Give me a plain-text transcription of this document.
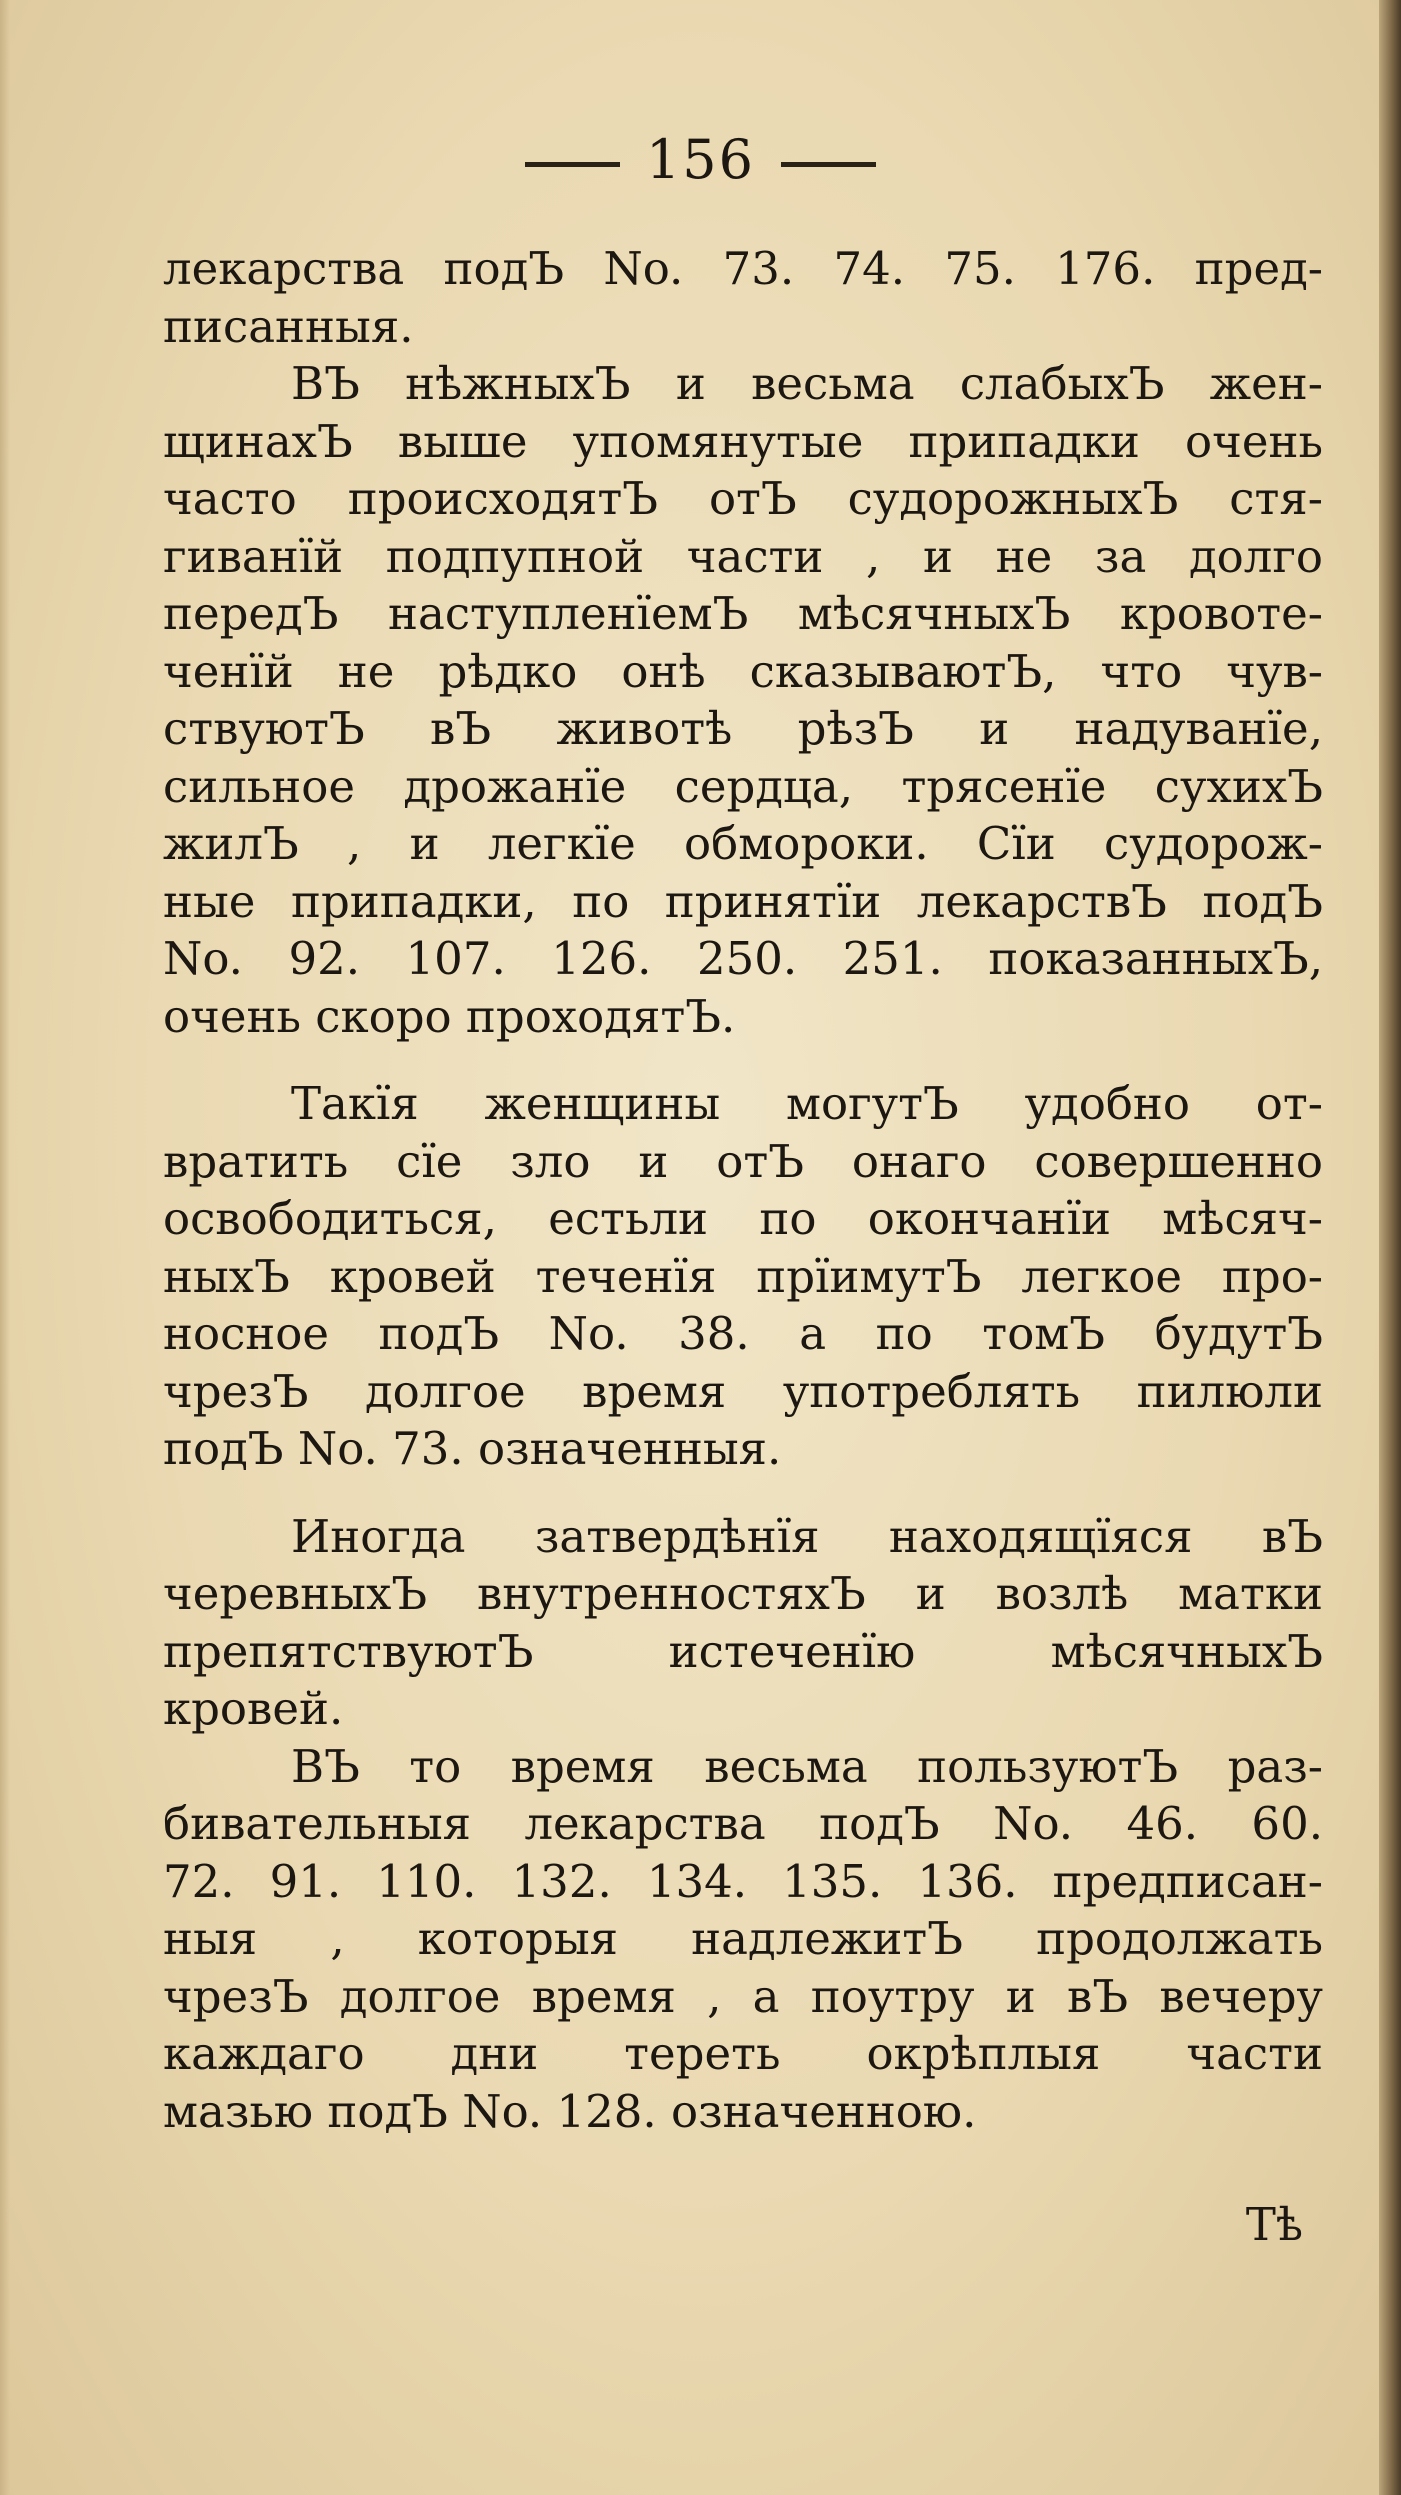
156
лекарства подЪ No. 73. 74. 75. 176. пред-
писанныя.
ВЪ нѣжныхЪ и весьма слабыхЪ жен-
щинахЪ выше упомянутые припадки очень
часто происходятЪ отЪ судорожныхЪ стя-
гиванїй подпупной части , и не за долго
передЪ наступленїемЪ мѣсячныхЪ кровоте-
ченїй не рѣдко онѣ сказываютЪ, что чув-
ствуютЪ вЪ животѣ рѣзЪ и надуванїе,
сильное дрожанїе сердца, трясенїе сухихЪ
жилЪ , и легкїе обмороки. Сїи судорож-
ные припадки, по принятїи лекарствЪ подЪ
No. 92. 107. 126. 250. 251. показанныхЪ,
очень скоро проходятЪ.
Такїя женщины могутЪ удобно от-
вратить сїе зло и отЪ онаго совершенно
освободиться, естьли по окончанїи мѣсяч-
ныхЪ кровей теченїя прїимутЪ легкое про-
носное подЪ No. 38. а по томЪ будутЪ
чрезЪ долгое время употреблять пилюли
подЪ No. 73. означенныя.
Иногда затвердѣнїя находящїяся вЪ
черевныхЪ внутренностяхЪ и возлѣ матки
препятствуютЪ истеченїю мѣсячныхЪ
кровей.
ВЪ то время весьма пользуютЪ раз-
бивательныя лекарства подЪ No. 46. 60.
72. 91. 110. 132. 134. 135. 136. предписан-
ныя , которыя надлежитЪ продолжать
чрезЪ долгое время , а поутру и вЪ вечеру
каждаго дни тереть окрѣплыя части
мазью подЪ No. 128. означенною.
Тѣ
